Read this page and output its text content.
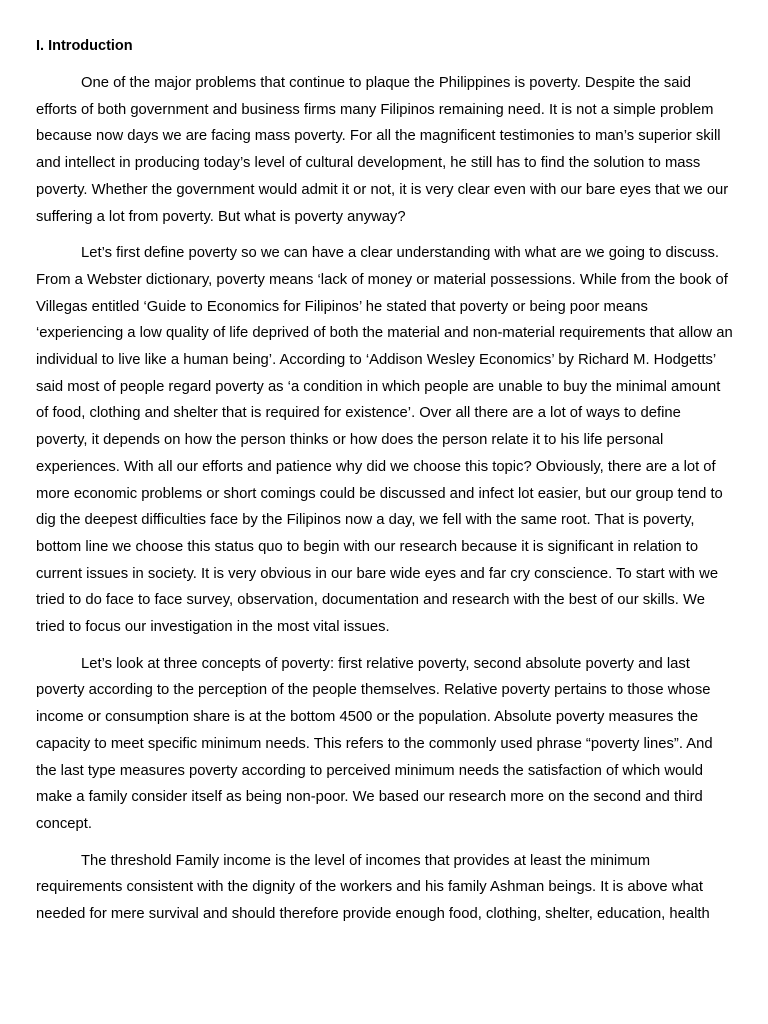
I. Introduction

One of the major problems that continue to plaque the Philippines is poverty. Despite the said efforts of both government and business firms many Filipinos remaining need. It is not a simple problem because now days we are facing mass poverty. For all the magnificent testimonies to man’s superior skill and intellect in producing today’s level of cultural development, he still has to find the solution to mass poverty. Whether the government would admit it or not, it is very clear even with our bare eyes that we our suffering a lot from poverty. But what is poverty anyway?

Let’s first define poverty so we can have a clear understanding with what are we going to discuss. From a Webster dictionary, poverty means ‘lack of money or material possessions. While from the book of Villegas entitled ‘Guide to Economics for Filipinos’ he stated that poverty or being poor means ‘experiencing a low quality of life deprived of both the material and non-material requirements that allow an individual to live like a human being’. According to ‘Addison Wesley Economics’ by Richard M. Hodgetts’ said most of people regard poverty as ‘a condition in which people are unable to buy the minimal amount of food, clothing and shelter that is required for existence’. Over all there are a lot of ways to define poverty, it depends on how the person thinks or how does the person relate it to his life personal experiences. With all our efforts and patience why did we choose this topic? Obviously, there are a lot of more economic problems or short comings could be discussed and infect lot easier, but our group tend to dig the deepest difficulties face by the Filipinos now a day, we fell with the same root. That is poverty, bottom line we choose this status quo to begin with our research because it is significant in relation to current issues in society. It is very obvious in our bare wide eyes and far cry conscience. To start with we tried to do face to face survey, observation, documentation and research with the best of our skills. We tried to focus our investigation in the most vital issues.

Let’s look at three concepts of poverty: first relative poverty, second absolute poverty and last poverty according to the perception of the people themselves. Relative poverty pertains to those whose income or consumption share is at the bottom 4500 or the population. Absolute poverty measures the capacity to meet specific minimum needs. This refers to the commonly used phrase “poverty lines”. And the last type measures poverty according to perceived minimum needs the satisfaction of which would make a family consider itself as being non-poor. We based our research more on the second and third concept.

The threshold Family income is the level of incomes that provides at least the minimum requirements consistent with the dignity of the workers and his family Ashman beings. It is above what needed for mere survival and should therefore provide enough food, clothing, shelter, education, health
